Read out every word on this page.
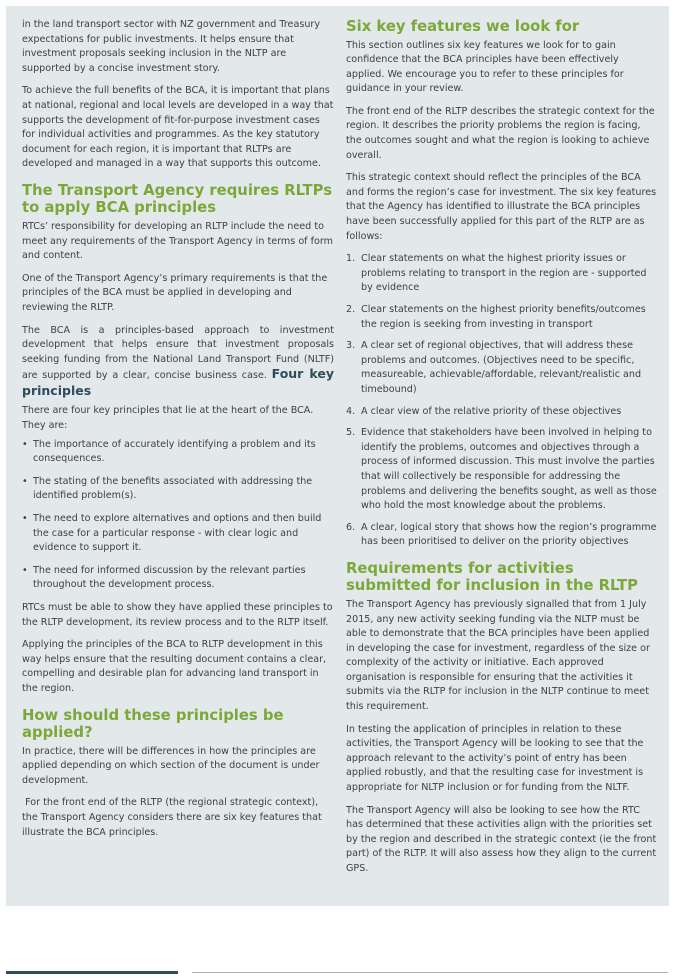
in the land transport sector with NZ government and Treasury expectations for public investments. It helps ensure that investment proposals seeking inclusion in the NLTP are supported by a concise investment story.

To achieve the full benefits of the BCA, it is important that plans at national, regional and local levels are developed in a way that supports the development of fit-for-purpose investment cases for individual activities and programmes. As the key statutory document for each region, it is important that RLTPs are developed and managed in a way that supports this outcome.

The Transport Agency requires RLTPs to apply BCA principles

RTCs’ responsibility for developing an RLTP include the need to meet any requirements of the Transport Agency in terms of form and content.

One of the Transport Agency’s primary requirements is that the principles of the BCA must be applied in developing and reviewing the RLTP.

The BCA is a principles-based approach to investment development that helps ensure that investment proposals seeking funding from the National Land Transport Fund (NLTF) are supported by a clear, concise business case. Four key principles

There are four key principles that lie at the heart of the BCA. They are:

• The importance of accurately identifying a problem and its consequences.
• The stating of the benefits associated with addressing the identified problem(s).
• The need to explore alternatives and options and then build the case for a particular response - with clear logic and evidence to support it.
• The need for informed discussion by the relevant parties throughout the development process.

RTCs must be able to show they have applied these principles to the RLTP development, its review process and to the RLTP itself.

Applying the principles of the BCA to RLTP development in this way helps ensure that the resulting document contains a clear, compelling and desirable plan for advancing land transport in the region.

How should these principles be applied?

In practice, there will be differences in how the principles are applied depending on which section of the document is under development.

For the front end of the RLTP (the regional strategic context), the Transport Agency considers there are six key features that illustrate the BCA principles.

Six key features we look for

This section outlines six key features we look for to gain confidence that the BCA principles have been effectively applied. We encourage you to refer to these principles for guidance in your review.

The front end of the RLTP describes the strategic context for the region. It describes the priority problems the region is facing, the outcomes sought and what the region is looking to achieve overall.

This strategic context should reflect the principles of the BCA and forms the region’s case for investment. The six key features that the Agency has identified to illustrate the BCA principles have been successfully applied for this part of the RLTP are as follows:

1. Clear statements on what the highest priority issues or problems relating to transport in the region are - supported by evidence
2. Clear statements on the highest priority benefits/outcomes the region is seeking from investing in transport
3. A clear set of regional objectives, that will address these problems and outcomes. (Objectives need to be specific, measureable, achievable/affordable, relevant/realistic and timebound)
4. A clear view of the relative priority of these objectives
5. Evidence that stakeholders have been involved in helping to identify the problems, outcomes and objectives through a process of informed discussion. This must involve the parties that will collectively be responsible for addressing the problems and delivering the benefits sought, as well as those who hold the most knowledge about the problems.
6. A clear, logical story that shows how the region’s programme has been prioritised to deliver on the priority objectives
Requirements for activities submitted for inclusion in the RLTP

The Transport Agency has previously signalled that from 1 July 2015, any new activity seeking funding via the NLTP must be able to demonstrate that the BCA principles have been applied in developing the case for investment, regardless of the size or complexity of the activity or initiative. Each approved organisation is responsible for ensuring that the activities it submits via the RLTP for inclusion in the NLTP continue to meet this requirement.

In testing the application of principles in relation to these activities, the Transport Agency will be looking to see that the approach relevant to the activity’s point of entry has been applied robustly, and that the resulting case for investment is appropriate for NLTP inclusion or for funding from the NLTF.

The Transport Agency will also be looking to see how the RTC has determined that these activities align with the priorities set by the region and described in the strategic context (ie the front part) of the RLTP. It will also assess how they align to the current GPS.
